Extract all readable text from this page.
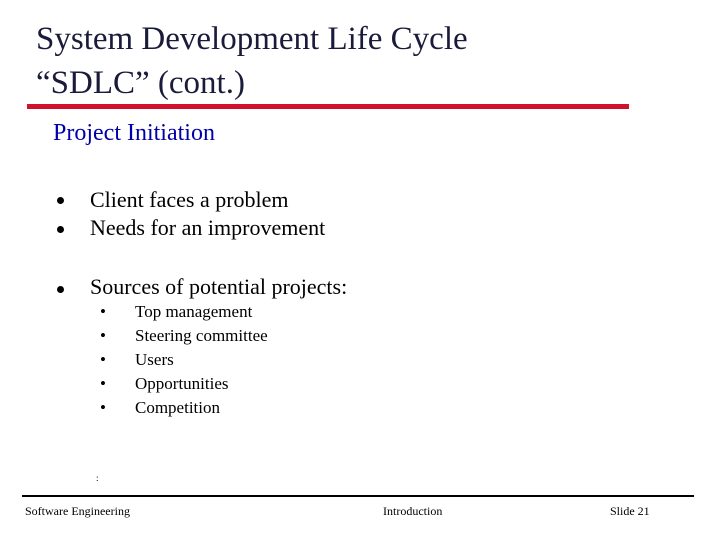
System Development Life Cycle
“SDLC” (cont.)
Project Initiation
Client faces a problem
Needs for an improvement
Sources of potential projects:
• Top management
• Steering committee
• Users
• Opportunities
• Competition
:
Software Engineering	Introduction	Slide 21
